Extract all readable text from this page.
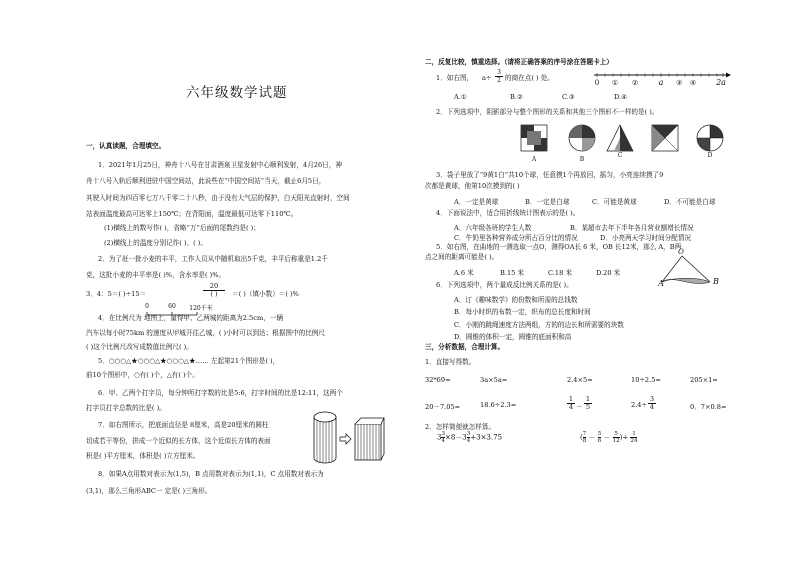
六年级数学试题
一，认真读题，合理填空。
1．2021年1月25日，神舟十八号在甘肃酒泉卫星发射中心顺利发射，4月26日，神
舟十八号入轨后顺利进驻中国空间站，此说些在“中国空间站“当天，截止6月5日，
其驶入时间为四百零七万八千零二十八秒，由于没有大气层的保护，白天阳光直射时，空间
站表面温度最高可达零上150℃；在背阳面，温度最低可达零下110℃。
(1)横线上的数写作( )，省略“万”后面的尾数约是( )；
(2)横线上的温度分别记作( )、( )。
2．为了赶一批小麦的丰平，工作人员从中随机取出5千克，丰平后称重是1.2千
克，这批小麦的丰平率是( )%，含水率是( )%。
3．4：5＝( )÷15＝
20
( )	＝( )（填小数）＝( )%
4．在比例尺为 地图上，量得甲、乙两城的距离为2.5cm，一辆
0	60	120千米
汽车以每小时75km 的速度从甲城开往乙城，( )小时可以到达；根据图中的比例尺
( )这个比例尺改写成数值比例尺( )。
5．○○○△★○○○△★○○○△★…… 左起第21个图形是( )，
前10个图形中，○有( )个，△有( )个。
6．甲、乙两个打字员，每分钟所打字数的比是5:6，打字时间的比是12:11，这两个
打字员打字总数的比是( )。
7．如右图所示，把底面直径是 8厘米，高是20厘米的圆柱
切成若干等份，拼成一个近似的长方体，这个近似长方体的表面
积是( )平方厘米，体积是( )立方厘米。
8．如果A点用数对表示为(1,5)，B 点用数对表示为(1,1)，C 点用数对表示为
(3,1)，那么三角形ABC一 定是( )三角形。
二，反复比较，慎重选择。（请将正确答案的序号涂在答题卡上）
1．如右图， $a\div \frac{3}{2}$ 的商在点( ) 处。
0	① ②	a	③ ④ 2a
A.①	B.②	C.③	D.④
2．下列选项中，阴影部分与整个图形的关系和其他三个图形不一样的是( )。
A	B
C	D
3．袋子里放了“9黄1白”共10个球，任意摸1个再放回，摇匀，小亮连续摸了9
次都是黄球，他第10次摸到的( )
A．一定是黄球	B．一定是白球	C．可能是黄球	D．不可能是白球
4．下面说法中，适合用折线统计图表示的是( )。
A．六年级各班的学生人数	B．某超市去年下半年各月营业额增长情况
C．牛奶里各种营养成分所占百分比的情况	D．小亮两天学习时间分配情况
5．如右图，在曲地的一测选取一点O，测得OA长 6 米，OB 长12米，那么 A，B两
点之间的距离可能是( )。
A.6 米	B.15 米	C.18 米	D.20 米
O
A	B
6．下列选项中，两个量成反比例关系的是( )。
A．订《趣味数学》的份数和所需的总钱数
B．每小时织的布数一定，织布的总长度和时间
C．小刚的跳绳速度方法两组，方的的边长和所需要的块数
D．圆锥的体积一定，圆锥的底面积和高
三，分析数据，合理计算。
1．直接写得数。
32*69=	3a×5a=	2.4×5=	10÷2.5=	205×1=
20－7.05=	18.6÷2.3=	$\frac{1}{4} - \frac{1}{5}$	$2.4\div \frac{3}{4}$	0．7×0.8=
2．怎样简便就怎样算。
$3 \frac{3}{4} \times 8-3 \frac{3}{4} +3\times 3.75$	( $\frac{7}{8} - \frac{5}{6} - \frac{5}{12}$ )÷ $\frac{1}{24}$
